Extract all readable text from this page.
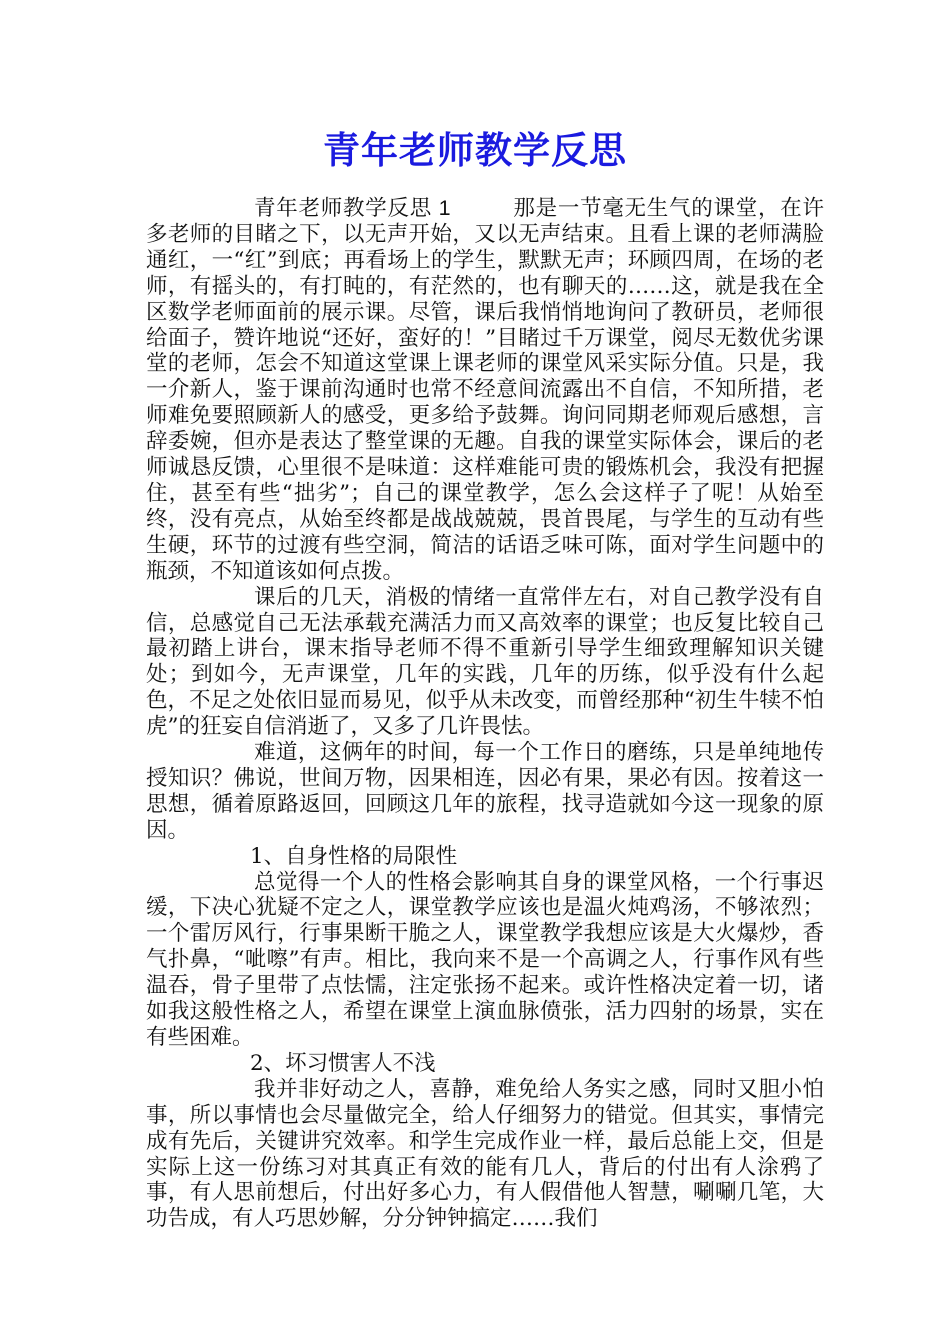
青年老师教学反思

青年老师教学反思 1	那是一节毫无生气的课堂，在许多老师的目睹之下，以无声开始，又以无声结束。且看上课的老师满脸通红，一“红”到底；再看场上的学生，默默无声；环顾四周，在场的老师，有摇头的，有打盹的，有茫然的，也有聊天的……这，就是我在全区数学老师面前的展示课。尽管，课后我悄悄地询问了教研员，老师很给面子，赞许地说“还好，蛮好的！”目睹过千万课堂，阅尽无数优劣课堂的老师，怎会不知道这堂课上课老师的课堂风采实际分值。只是，我一介新人，鉴于课前沟通时也常不经意间流露出不自信，不知所措，老师难免要照顾新人的感受，更多给予鼓舞。询问同期老师观后感想，言辞委婉，但亦是表达了整堂课的无趣。自我的课堂实际体会，课后的老师诚恳反馈，心里很不是味道：这样难能可贵的锻炼机会，我没有把握住，甚至有些“拙劣”；自己的课堂教学，怎么会这样子了呢！从始至终，没有亮点，从始至终都是战战兢兢，畏首畏尾，与学生的互动有些生硬，环节的过渡有些空洞，简洁的话语乏味可陈，面对学生问题中的瓶颈，不知道该如何点拨。

课后的几天，消极的情绪一直常伴左右，对自己教学没有自信，总感觉自己无法承载充满活力而又高效率的课堂；也反复比较自己最初踏上讲台，课末指导老师不得不重新引导学生细致理解知识关键处；到如今，无声课堂，几年的实践，几年的历练，似乎没有什么起色，不足之处依旧显而易见，似乎从未改变，而曾经那种“初生牛犊不怕虎”的狂妄自信消逝了，又多了几许畏怯。

难道，这俩年的时间，每一个工作日的磨练，只是单纯地传授知识？佛说，世间万物，因果相连，因必有果，果必有因。按着这一思想，循着原路返回，回顾这几年的旅程，找寻造就如今这一现象的原因。

1、自身性格的局限性

总觉得一个人的性格会影响其自身的课堂风格，一个行事迟缓，下决心犹疑不定之人，课堂教学应该也是温火炖鸡汤，不够浓烈；一个雷厉风行，行事果断干脆之人，课堂教学我想应该是大火爆炒，香气扑鼻，“呲嚓”有声。相比，我向来不是一个高调之人，行事作风有些温吞，骨子里带了点怯懦，注定张扬不起来。或许性格决定着一切，诸如我这般性格之人，希望在课堂上演血脉偾张，活力四射的场景，实在有些困难。

2、坏习惯害人不浅

我并非好动之人，喜静，难免给人务实之感，同时又胆小怕事，所以事情也会尽量做完全，给人仔细努力的错觉。但其实，事情完成有先后，关键讲究效率。和学生完成作业一样，最后总能上交，但是实际上这一份练习对其真正有效的能有几人，背后的付出有人涂鸦了事，有人思前想后，付出好多心力，有人假借他人智慧，唰唰几笔，大功告成，有人巧思妙解，分分钟钟搞定……我们
